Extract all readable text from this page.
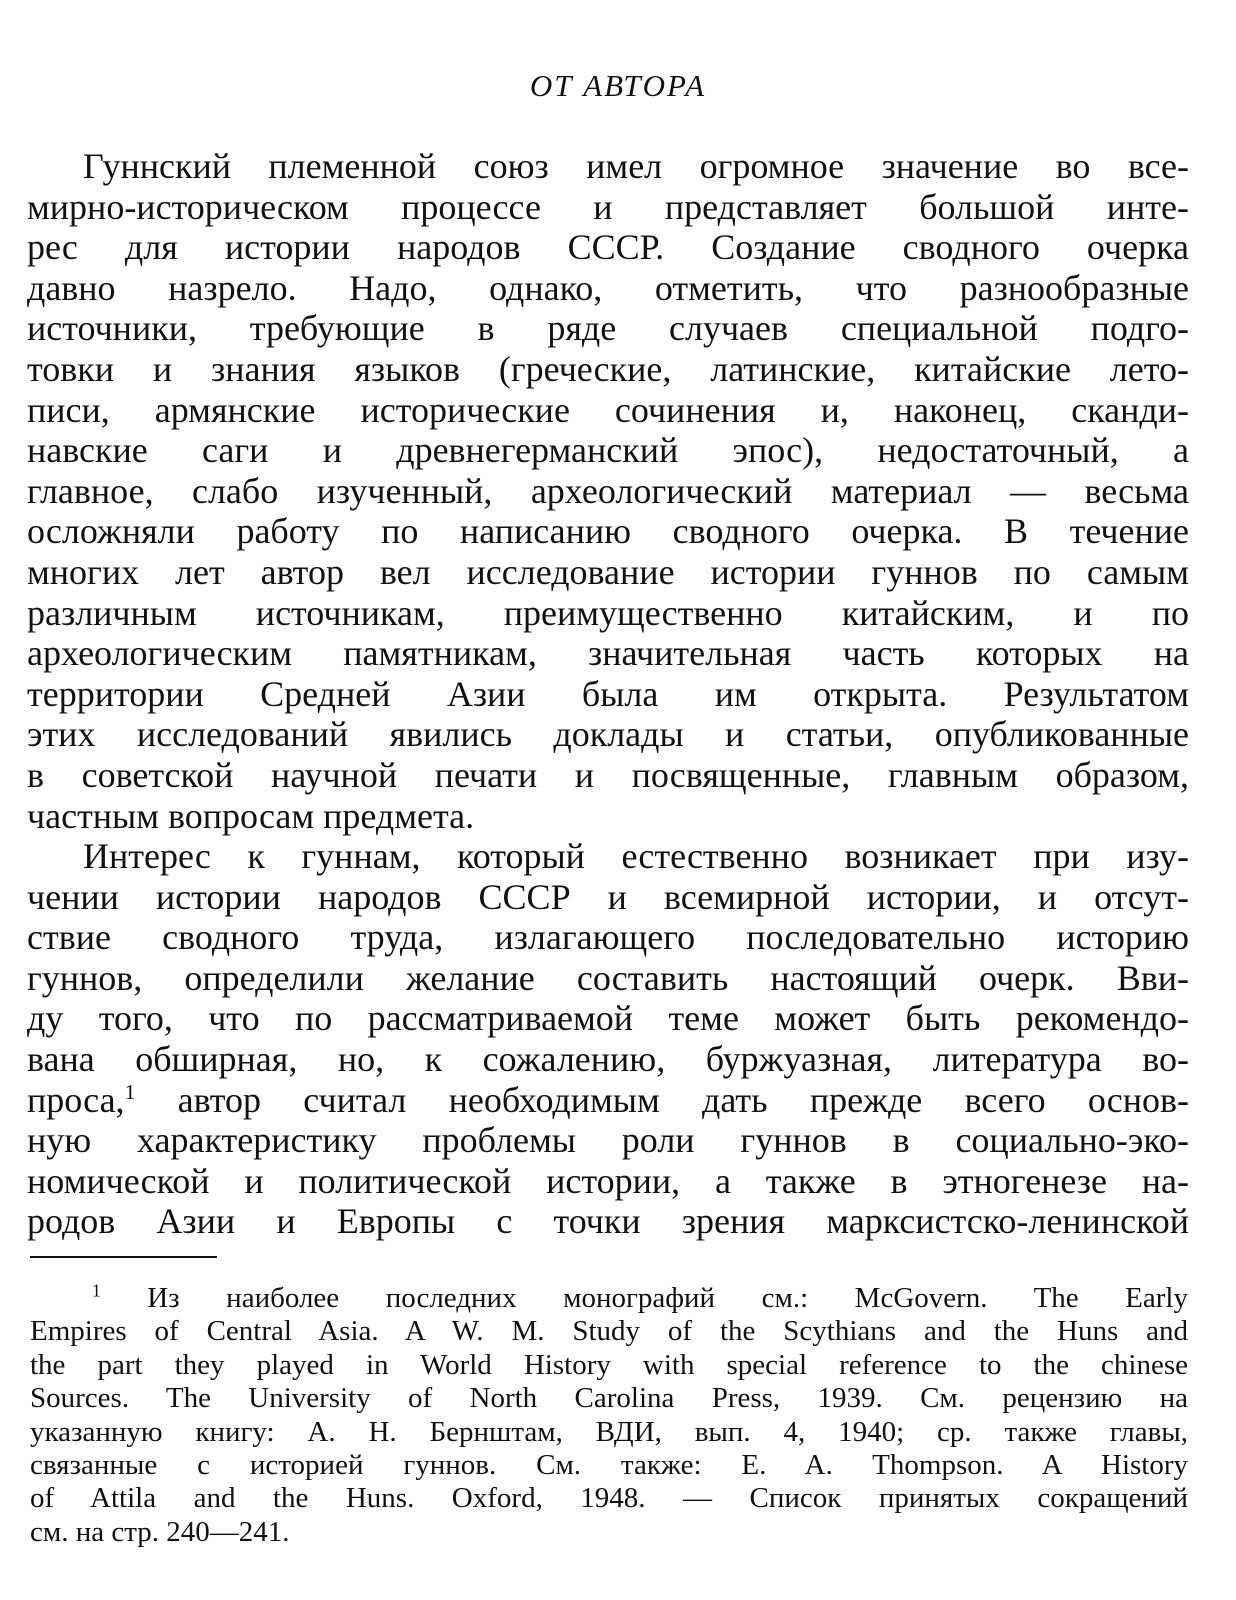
ОТ АВТОРА
Гуннский племенной союз имел огромное значение во все-
мирно-историческом процессе и представляет большой инте-
рес для истории народов СССР. Создание сводного очерка
давно назрело. Надо, однако, отметить, что разнообразные
источники, требующие в ряде случаев специальной подго-
товки и знания языков (греческие, латинские, китайские лето-
писи, армянские исторические сочинения и, наконец, сканди-
навские саги и древнегерманский эпос), недостаточный, а
главное, слабо изученный, археологический материал — весьма
осложняли работу по написанию сводного очерка. В течение
многих лет автор вел исследование истории гуннов по самым
различным источникам, преимущественно китайским, и по
археологическим памятникам, значительная часть которых на
территории Средней Азии была им открыта. Результатом
этих исследований явились доклады и статьи, опубликованные
в советской научной печати и посвященные, главным образом,
частным вопросам предмета.
Интерес к гуннам, который естественно возникает при изу-
чении истории народов СССР и всемирной истории, и отсут-
ствие сводного труда, излагающего последовательно историю
гуннов, определили желание составить настоящий очерк. Вви-
ду того, что по рассматриваемой теме может быть рекомендо-
вана обширная, но, к сожалению, буржуазная, литература во-
проса,$^1$ автор считал необходимым дать прежде всего основ-
ную характеристику проблемы роли гуннов в социально-эко-
номической и политической истории, а также в этногенезе на-
родов Азии и Европы с точки зрения марксистско-ленинской
$^1$ Из наиболее последних монографий см.: McGovern. The Early
Empires of Central Asia. A W. M. Study of the Scythians and the Huns and
the part they played in World History with special reference to the chinese
Sources. The University of North Carolina Press, 1939. См. рецензию на
указанную книгу: А. Н. Бернштам, ВДИ, вып. 4, 1940; ср. также главы,
связанные с историей гуннов. См. также: E. A. Thompson. A History
of Attila and the Huns. Oxford, 1948. — Список принятых сокращений
см. на стр. 240—241.
